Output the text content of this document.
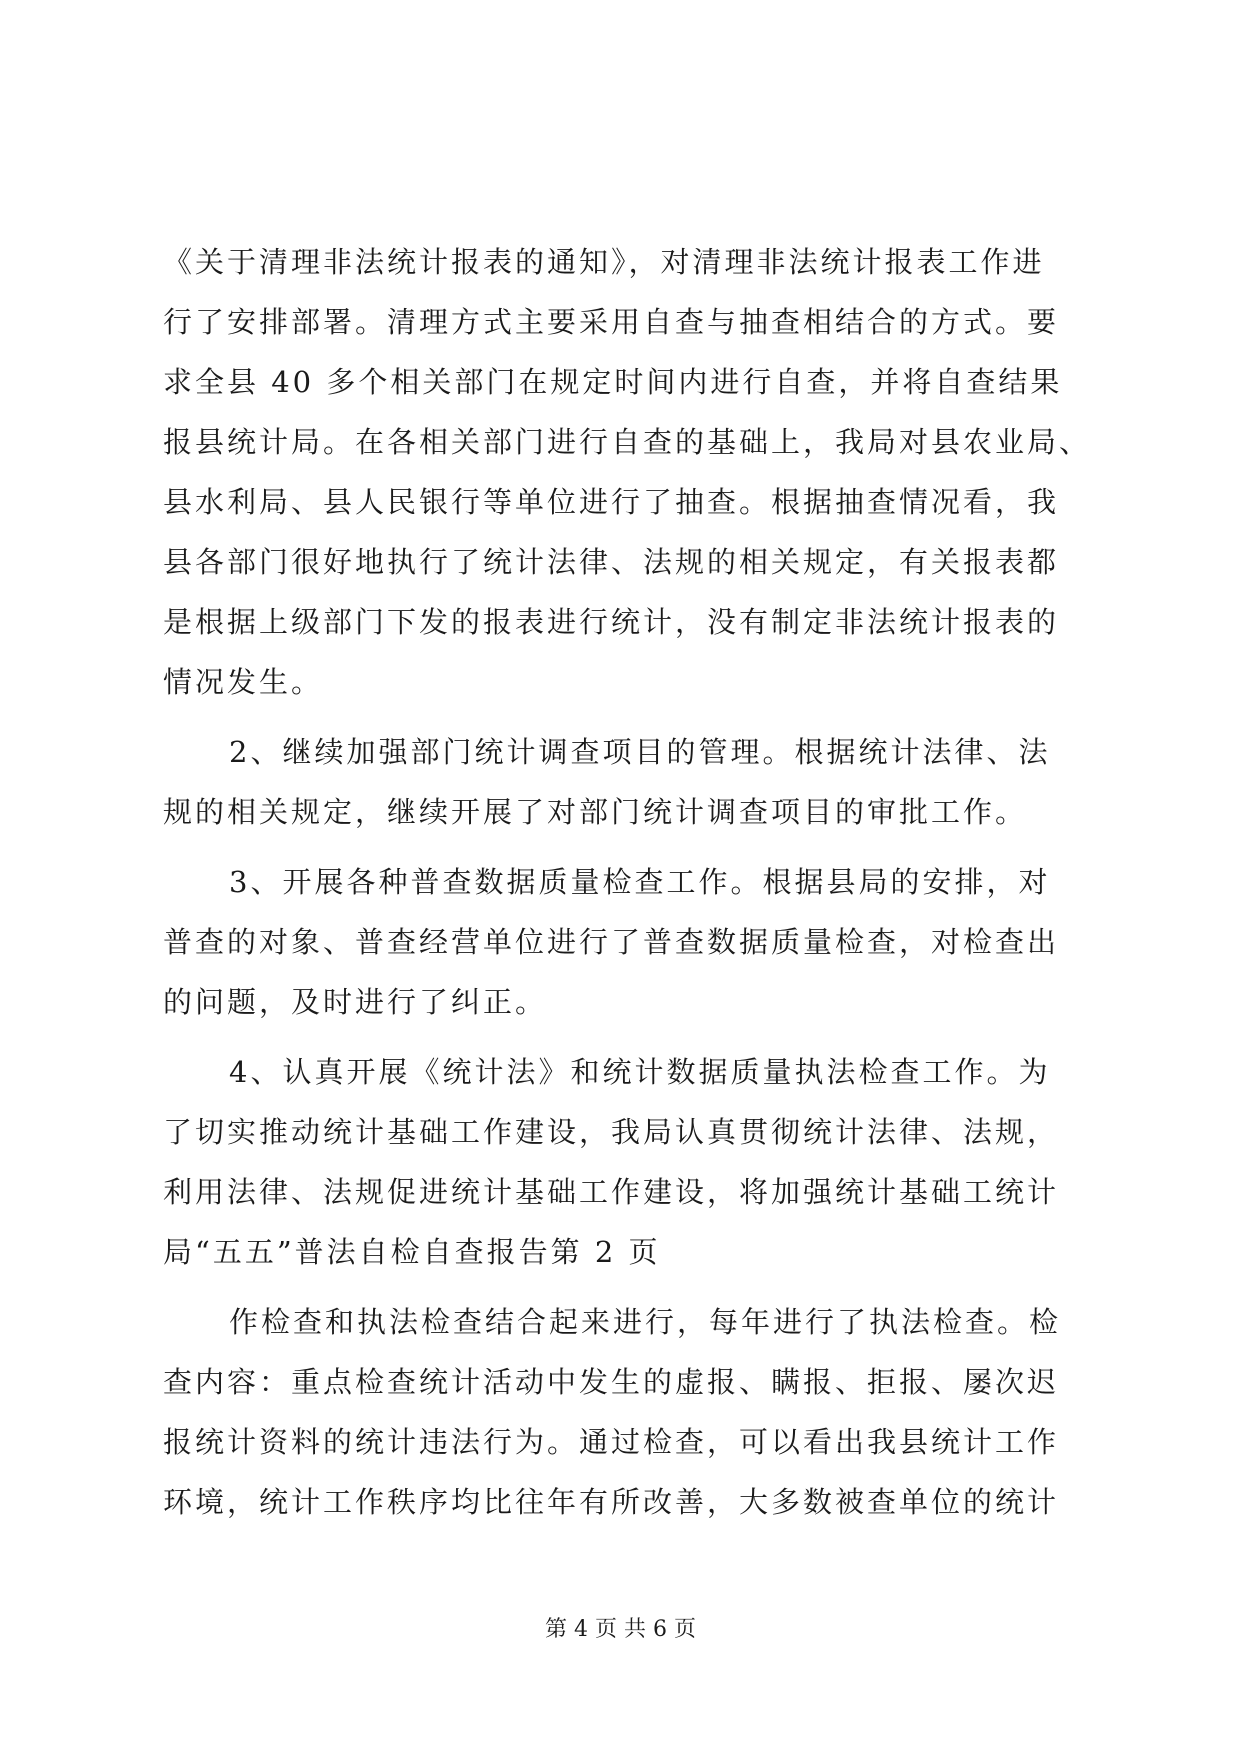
《关于清理非法统计报表的通知》，对清理非法统计报表工作进
行了安排部署。清理方式主要采用自查与抽查相结合的方式。要
求全县 40 多个相关部门在规定时间内进行自查，并将自查结果
报县统计局。在各相关部门进行自查的基础上，我局对县农业局、
县水利局、县人民银行等单位进行了抽查。根据抽查情况看，我
县各部门很好地执行了统计法律、法规的相关规定，有关报表都
是根据上级部门下发的报表进行统计，没有制定非法统计报表的
情况发生。
2、继续加强部门统计调查项目的管理。根据统计法律、法
规的相关规定，继续开展了对部门统计调查项目的审批工作。
3、开展各种普查数据质量检查工作。根据县局的安排，对
普查的对象、普查经营单位进行了普查数据质量检查，对检查出
的问题，及时进行了纠正。
4、认真开展《统计法》和统计数据质量执法检查工作。为
了切实推动统计基础工作建设，我局认真贯彻统计法律、法规，
利用法律、法规促进统计基础工作建设，将加强统计基础工统计
局“五五”普法自检自查报告第 2 页
作检查和执法检查结合起来进行，每年进行了执法检查。检
查内容：重点检查统计活动中发生的虚报、瞒报、拒报、屡次迟
报统计资料的统计违法行为。通过检查，可以看出我县统计工作
环境，统计工作秩序均比往年有所改善，大多数被查单位的统计
第 4 页 共 6 页
